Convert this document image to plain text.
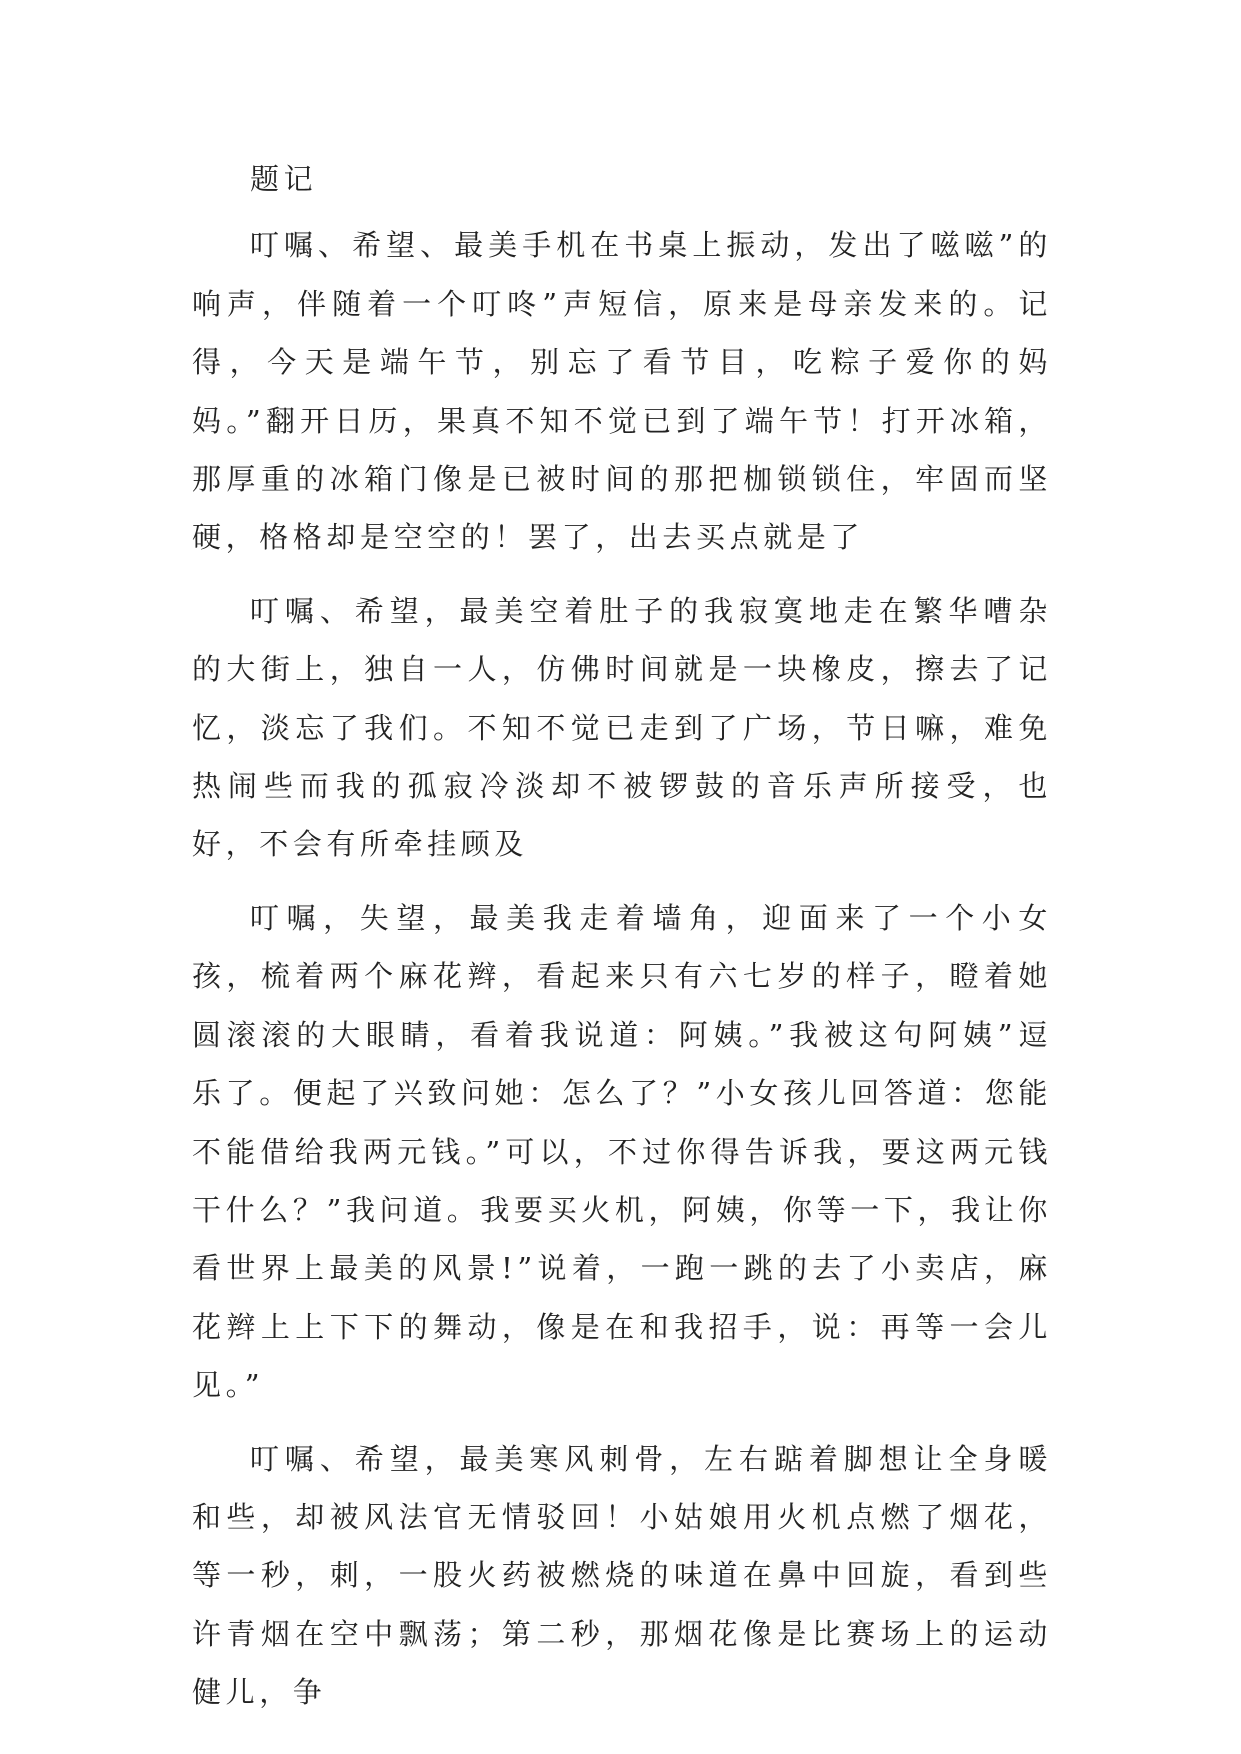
题记

叮嘱、希望、最美手机在书桌上振动，发出了嗞嗞”的响声，伴随着一个叮咚”声短信，原来是母亲发来的。记得，今天是端午节，别忘了看节目，吃粽子爱你的妈妈。”翻开日历，果真不知不觉已到了端午节！打开冰箱，那厚重的冰箱门像是已被时间的那把枷锁锁住，牢固而坚硬，格格却是空空的！罢了，出去买点就是了

叮嘱、希望，最美空着肚子的我寂寞地走在繁华嘈杂的大街上，独自一人，仿佛时间就是一块橡皮，擦去了记忆，淡忘了我们。不知不觉已走到了广场，节日嘛，难免热闹些而我的孤寂冷淡却不被锣鼓的音乐声所接受，也好，不会有所牵挂顾及

叮嘱，失望，最美我走着墙角，迎面来了一个小女孩，梳着两个麻花辫，看起来只有六七岁的样子，瞪着她圆滚滚的大眼睛，看着我说道：阿姨。”我被这句阿姨”逗乐了。便起了兴致问她：怎么了？”小女孩儿回答道：您能不能借给我两元钱。”可以，不过你得告诉我，要这两元钱干什么？”我问道。我要买火机，阿姨，你等一下，我让你看世界上最美的风景!”说着，一跑一跳的去了小卖店，麻花辫上上下下的舞动，像是在和我招手，说：再等一会儿见。”

叮嘱、希望，最美寒风刺骨，左右踮着脚想让全身暖和些，却被风法官无情驳回！小姑娘用火机点燃了烟花，等一秒，刺，一股火药被燃烧的味道在鼻中回旋，看到些许青烟在空中飘荡；第二秒，那烟花像是比赛场上的运动健儿，争
